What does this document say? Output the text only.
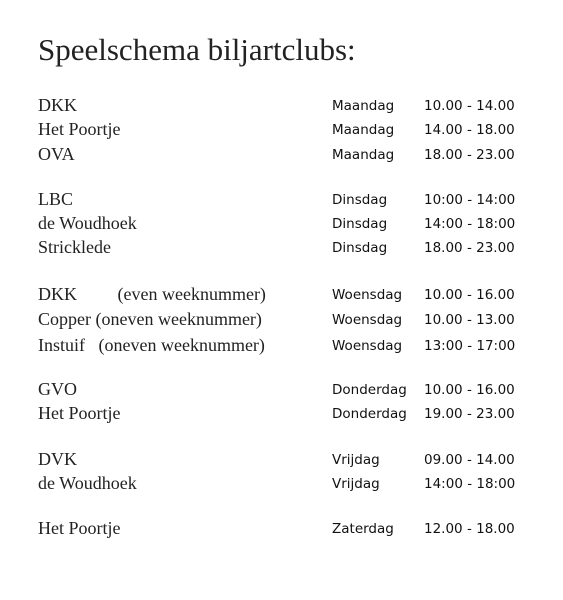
Speelschema biljartclubs:
DKK	Maandag 10.00 - 14.00
Het Poortje	Maandag 14.00 - 18.00
OVA	Maandag 18.00 - 23.00
LBC	Dinsdag	10:00 - 14:00
de Woudhoek	Dinsdag	14:00 - 18:00
Stricklede	Dinsdag	18.00 - 23.00
DKK         (even weeknummer)	Woensdag 10.00 - 16.00
Copper (oneven weeknummer)	Woensdag 10.00 - 13.00
Instuif   (oneven weeknummer)	Woensdag 13:00 - 17:00
GVO	Donderdag 10.00 - 16.00
Het Poortje	Donderdag 19.00 - 23.00
DVK	Vrijdag	09.00 - 14.00
de Woudhoek	Vrijdag	14:00 - 18:00
Het Poortje	Zaterdag 12.00 - 18.00
